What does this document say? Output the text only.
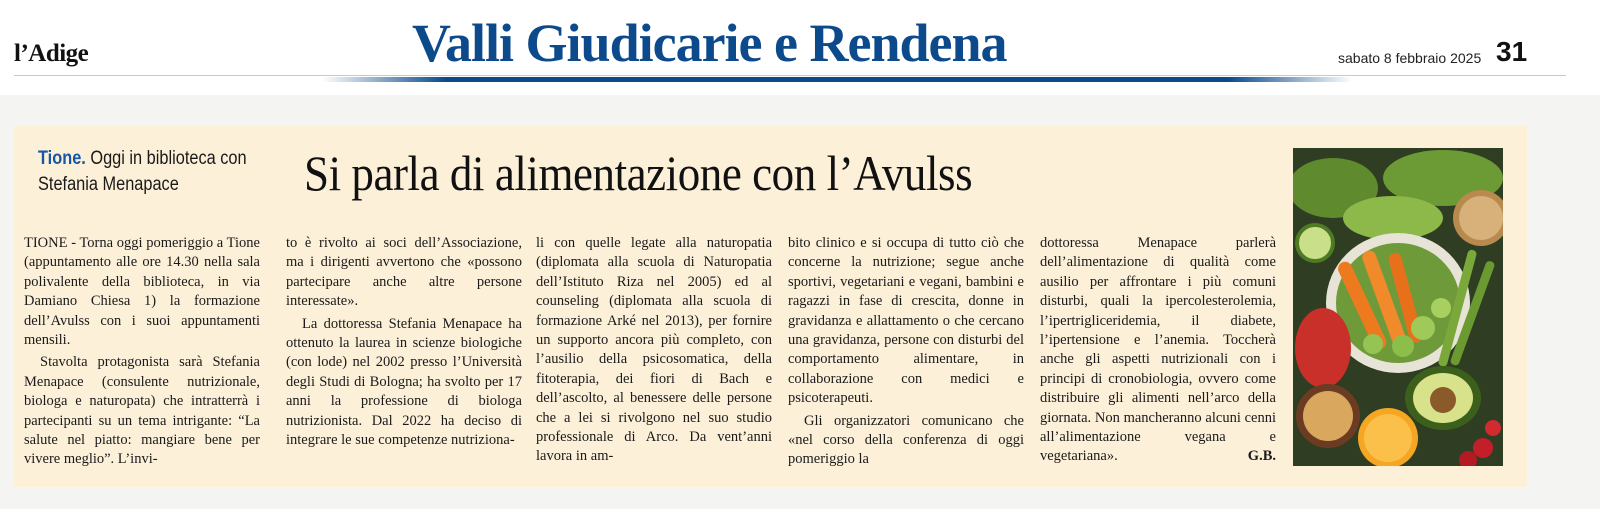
l’Adige	Valli Giudicarie e Rendena	sabato 8 febbraio 2025 31
Tione. Oggi in biblioteca con Stefania Menapace	Si parla di alimentazione con l’Avulss

TIONE - Torna oggi pomeriggio a Tione (appuntamento alle ore 14.30 nella sala polivalente della biblioteca, in via Damiano Chiesa 1) la formazione dell’Avulss con i suoi appuntamenti mensili.

Stavolta protagonista sarà Stefania Menapace (consulente nutrizionale, biologa e naturopata) che intratterrà i partecipanti su un tema intrigante: “La salute nel piatto: mangiare bene per vivere meglio”. L’invi-

to è rivolto ai soci dell’Associazione, ma i dirigenti avvertono che «possono partecipare anche altre persone interessate».

La dottoressa Stefania Menapace ha ottenuto la laurea in scienze biologiche (con lode) nel 2002 presso l’Università degli Studi di Bologna; ha svolto per 17 anni la professione di biologa nutrizionista. Dal 2022 ha deciso di integrare le sue competenze nutriziona-

li con quelle legate alla naturopatia (diplomata alla scuola di Naturopatia dell’Istituto Riza nel 2005) ed al counseling (diplomata alla scuola di formazione Arké nel 2013), per fornire un supporto ancora più completo, con l’ausilio della psicosomatica, della fitoterapia, dei fiori di Bach e dell’ascolto, al benessere delle persone che a lei si rivolgono nel suo studio professionale di Arco. Da vent’anni lavora in am-

bito clinico e si occupa di tutto ciò che concerne la nutrizione; segue anche sportivi, vegetariani e vegani, bambini e ragazzi in fase di crescita, donne in gravidanza e allattamento o che cercano una gravidanza, persone con disturbi del comportamento alimentare, in collaborazione con medici e psicoterapeuti.

Gli organizzatori comunicano che «nel corso della conferenza di oggi pomeriggio la

dottoressa Menapace parlerà dell’alimentazione di qualità come ausilio per affrontare i più comuni disturbi, quali la ipercolesterolemia, l’ipertrigliceridemia, il diabete, l’ipertensione e l’anemia. Toccherà anche gli aspetti nutrizionali con i principi di cronobiologia, ovvero come distribuire gli alimenti nell’arco della giornata. Non mancheranno alcuni cenni all’alimentazione vegana e vegetariana».	G.B.
